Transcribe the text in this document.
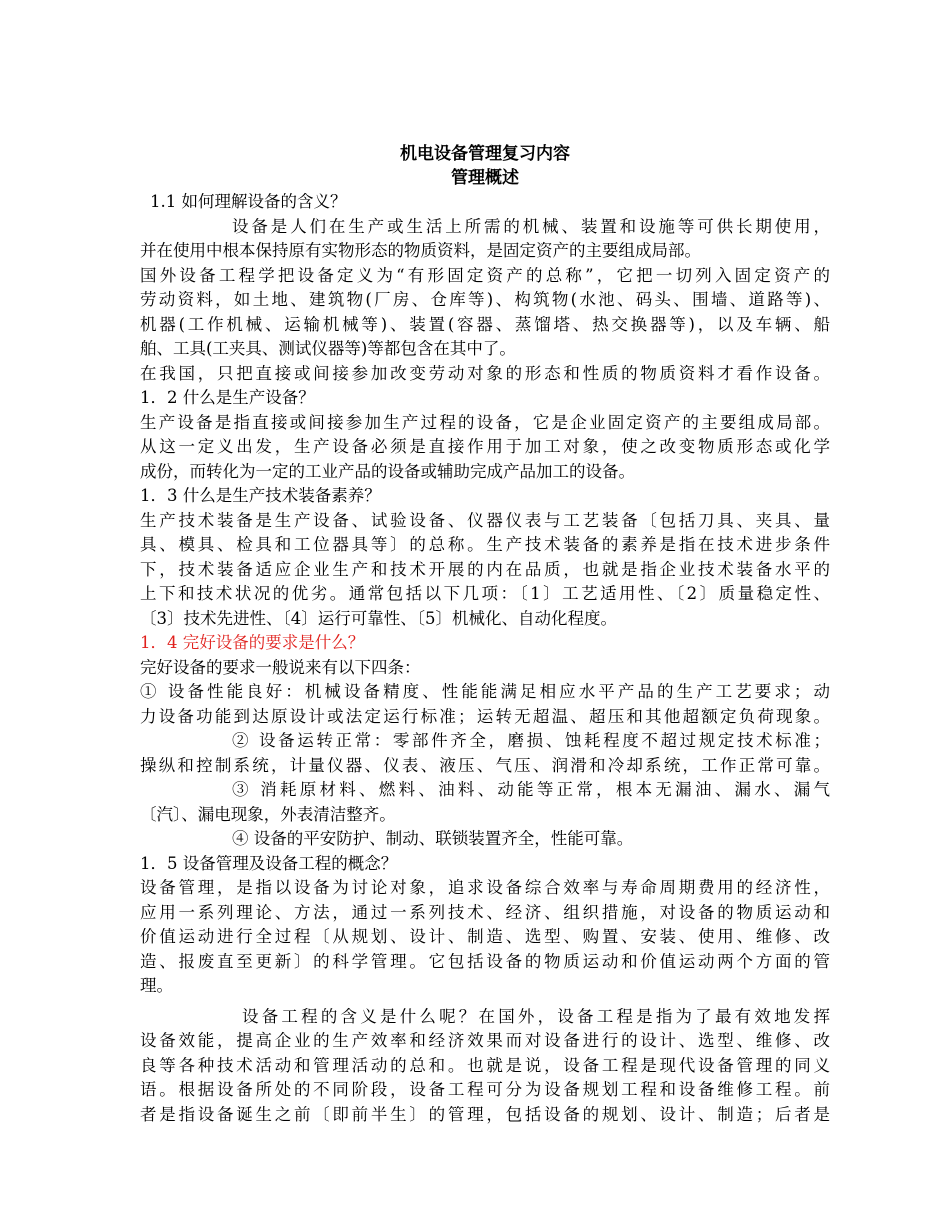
机电设备管理复习内容

管理概述

1.1 如何理解设备的含义？

设备是人们在生产或生活上所需的机械、装置和设施等可供长期使用，

并在使用中根本保持原有实物形态的物质资料，是固定资产的主要组成局部。

国外设备工程学把设备定义为“有形固定资产的总称”，它把一切列入固定资产的

劳动资料，如土地、建筑物(厂房、仓库等)、构筑物(水池、码头、围墙、道路等)、

机器(工作机械、运输机械等)、装置(容器、蒸馏塔、热交换器等)，以及车辆、船

舶、工具(工夹具、测试仪器等)等都包含在其中了。

在我国，只把直接或间接参加改变劳动对象的形态和性质的物质资料才看作设备。

1．2 什么是生产设备？

生产设备是指直接或间接参加生产过程的设备，它是企业固定资产的主要组成局部。

从这一定义出发，生产设备必须是直接作用于加工对象，使之改变物质形态或化学

成份，而转化为一定的工业产品的设备或辅助完成产品加工的设备。

1．3 什么是生产技术装备素养？

生产技术装备是生产设备、试验设备、仪器仪表与工艺装备〔包括刀具、夹具、量

具、模具、检具和工位器具等〕的总称。生产技术装备的素养是指在技术进步条件

下，技术装备适应企业生产和技术开展的内在品质，也就是指企业技术装备水平的

上下和技术状况的优劣。通常包括以下几项：〔1〕工艺适用性、〔2〕质量稳定性、

〔3〕技术先进性、〔4〕运行可靠性、〔5〕机械化、自动化程度。

1．4 完好设备的要求是什么？

完好设备的要求一般说来有以下四条：

① 设备性能良好：机械设备精度、性能能满足相应水平产品的生产工艺要求；动

力设备功能到达原设计或法定运行标准；运转无超温、超压和其他超额定负荷现象。

② 设备运转正常：零部件齐全，磨损、蚀耗程度不超过规定技术标准；

操纵和控制系统，计量仪器、仪表、液压、气压、润滑和冷却系统，工作正常可靠。

③ 消耗原材料、燃料、油料、动能等正常，根本无漏油、漏水、漏气

〔汽〕、漏电现象，外表清洁整齐。

④ 设备的平安防护、制动、联锁装置齐全，性能可靠。

1．5 设备管理及设备工程的概念？

设备管理，是指以设备为讨论对象，追求设备综合效率与寿命周期费用的经济性，

应用一系列理论、方法，通过一系列技术、经济、组织措施，对设备的物质运动和

价值运动进行全过程〔从规划、设计、制造、选型、购置、安装、使用、维修、改

造、报废直至更新〕的科学管理。它包括设备的物质运动和价值运动两个方面的管

理。

设备工程的含义是什么呢？在国外，设备工程是指为了最有效地发挥

设备效能，提高企业的生产效率和经济效果而对设备进行的设计、选型、维修、改

良等各种技术活动和管理活动的总和。也就是说，设备工程是现代设备管理的同义

语。根据设备所处的不同阶段，设备工程可分为设备规划工程和设备维修工程。前

者是指设备诞生之前〔即前半生〕的管理，包括设备的规划、设计、制造；后者是
